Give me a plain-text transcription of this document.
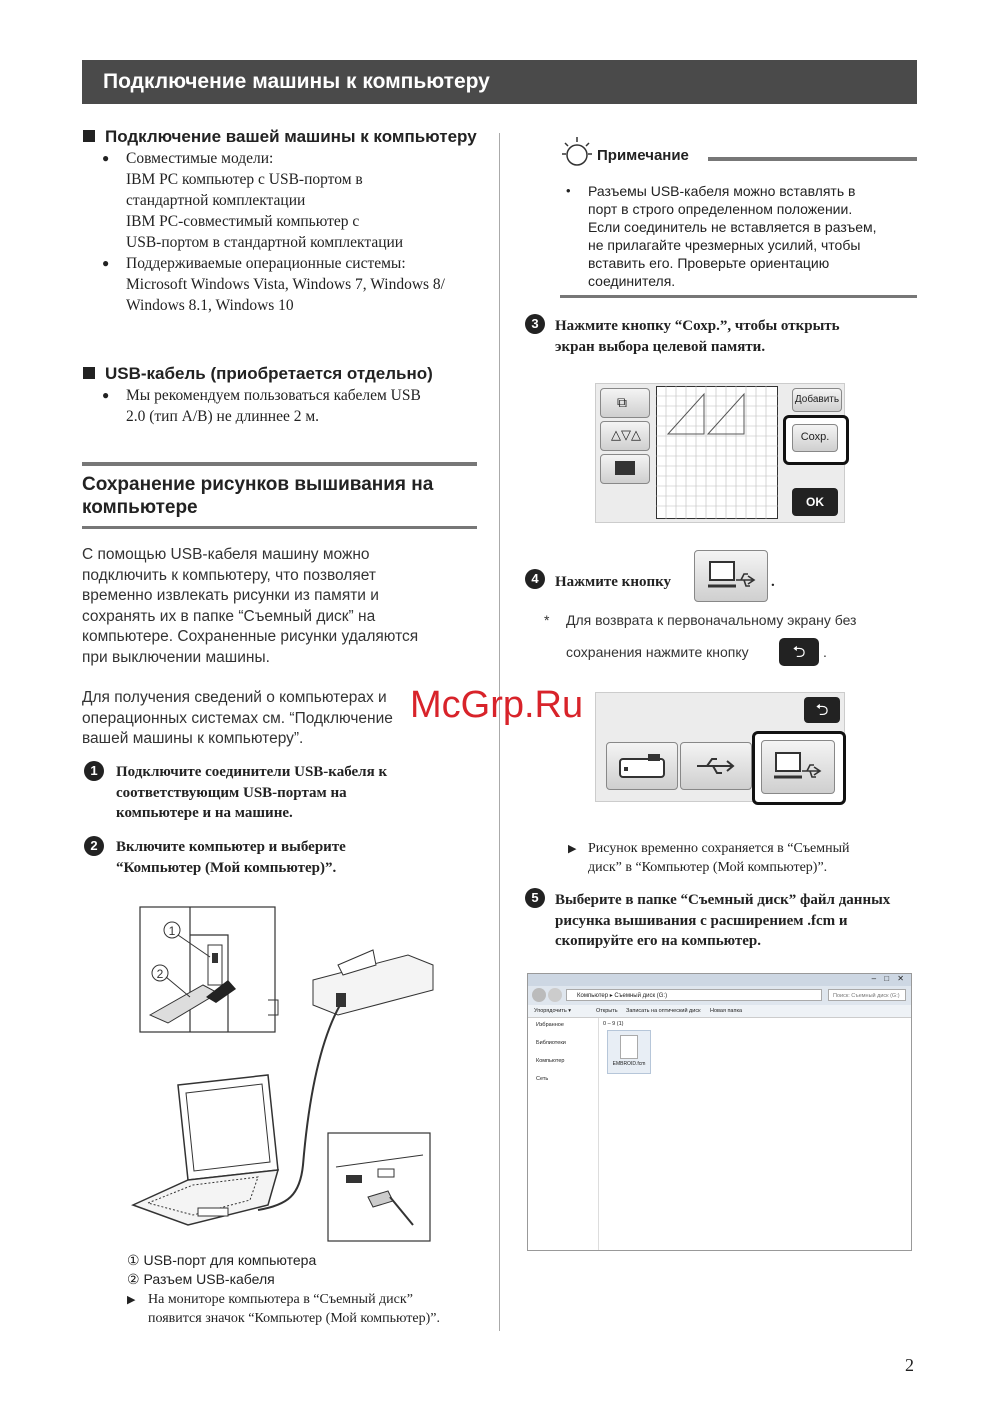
Подключение машины к компьютеру
Подключение вашей машины к компьютеру
● Совместимые модели:
IBM PC компьютер с USB-портом в
стандартной комплектации
IBM PC-совместимый компьютер с
USB-портом в стандартной комплектации
● Поддерживаемые операционные системы:
Microsoft Windows Vista, Windows 7, Windows 8/
Windows 8.1, Windows 10
USB-кабель (приобретается отдельно)
● Мы рекомендуем пользоваться кабелем USB
2.0 (тип A/B) не длиннее 2 м.
Сохранение рисунков вышивания на
компьютере
С помощью USB-кабеля машину можно
подключить к компьютеру, что позволяет
временно извлекать рисунки из памяти и
сохранять их в папке “Съемный диск” на
компьютере. Сохраненные рисунки удаляются
при выключении машины.
Для получения сведений о компьютерах и
операционных системах см. “Подключение
вашей машины к компьютеру”.
1	Подключите соединители USB-кабеля к
соответствующим USB-портам на
компьютере и на машине.
2	Включите компьютер и выберите
“Компьютер (Мой компьютер)”.
1
2
① USB-порт для компьютера
② Разъем USB-кабеля
▶ На мониторе компьютера в “Съемный диск”
появится значок “Компьютер (Мой компьютер)”.
Примечание
• Разъемы USB-кабеля можно вставлять в
порт в строго определенном положении.
Если соединитель не вставляется в разъем,
не прилагайте чрезмерных усилий, чтобы
вставить его. Проверьте ориентацию
соединителя.
3	Нажмите кнопку “Сохр.”, чтобы открыть
экран выбора целевой памяти.
⧉
△▽△
Добавить
Сохр.
OK
4	Нажмите кнопку	.
* Для возврата к первоначальному экрану без
сохранения нажмите кнопку	⮌	.
⮌
▶ Рисунок временно сохраняется в “Съемный
диск” в “Компьютер (Мой компьютер)”.
5	Выберите в папке “Съемный диск” файл данных
рисунка вышивания с расширением .fcm и
скопируйте его на компьютер.
– □ ✕
Компьютер ▸ Съемный диск (G:)	Поиск: Съемный диск (G:)
Упорядочить ▾	Открыть Записать на оптический диск Новая папка
Избранное
Библиотеки
Компьютер
Сеть
0 – 9 (1)
EMBROID.fcm
McGrp.Ru
2
